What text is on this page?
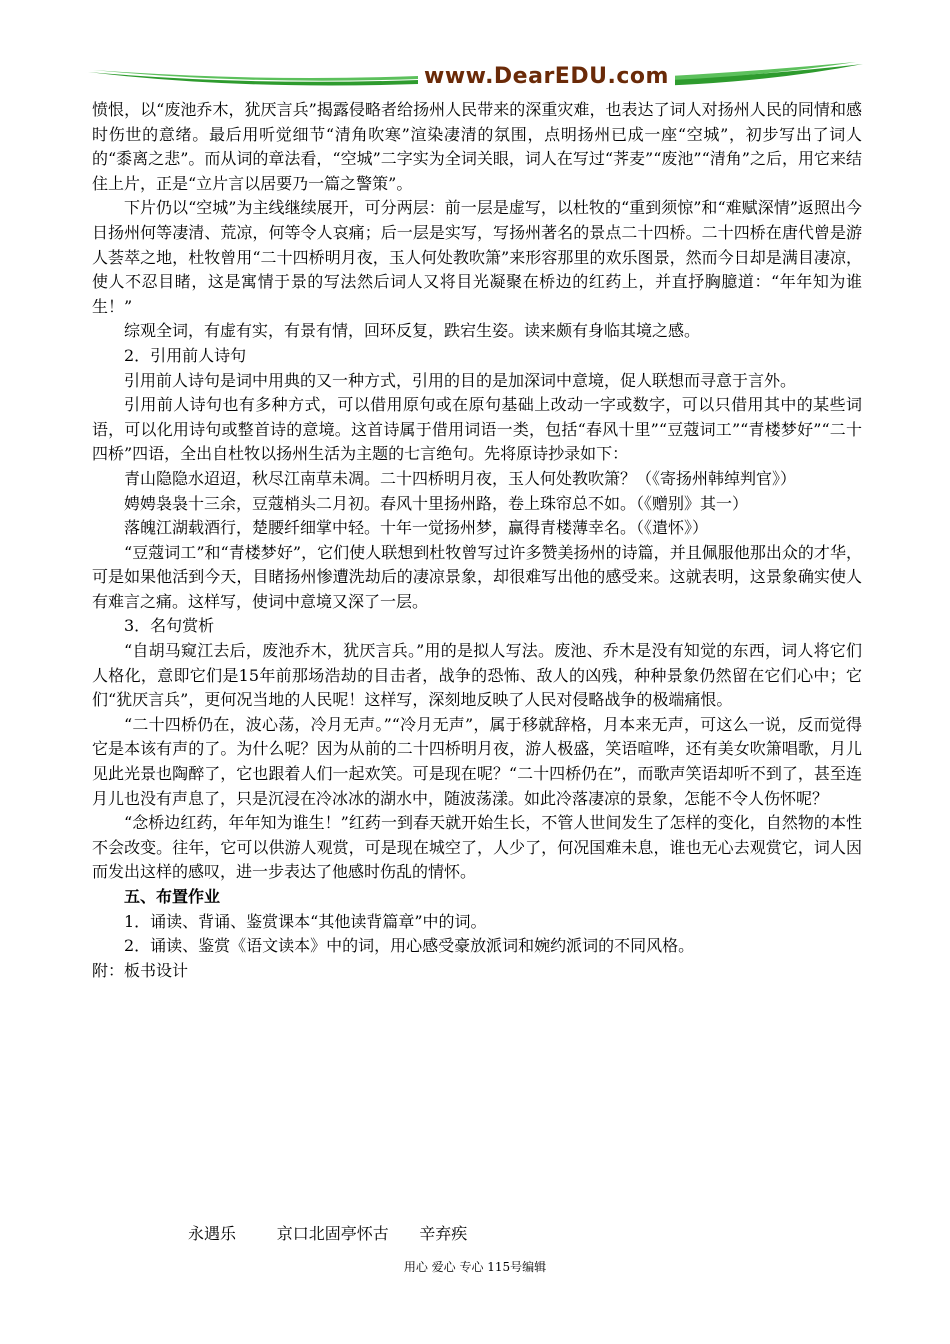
www.DearEDU.com

愤恨，以“废池乔木，犹厌言兵”揭露侵略者给扬州人民带来的深重灾难，也表达了词人对扬州人民的同情和感时伤世的意绪。最后用听觉细节“清角吹寒”渲染凄清的氛围，点明扬州已成一座“空城”，初步写出了词人的“黍离之悲”。而从词的章法看，“空城”二字实为全词关眼，词人在写过“荠麦”“废池”“清角”之后，用它来结住上片，正是“立片言以居要乃一篇之警策”。

下片仍以“空城”为主线继续展开，可分两层：前一层是虚写，以杜牧的“重到须惊”和“难赋深情”返照出今日扬州何等凄清、荒凉，何等令人哀痛；后一层是实写，写扬州著名的景点二十四桥。二十四桥在唐代曾是游人荟萃之地，杜牧曾用“二十四桥明月夜，玉人何处教吹箫”来形容那里的欢乐图景，然而今日却是满目凄凉，使人不忍目睹，这是寓情于景的写法然后词人又将目光凝聚在桥边的红药上，并直抒胸臆道：“年年知为谁生！”

综观全词，有虚有实，有景有情，回环反复，跌宕生姿。读来颇有身临其境之感。

2．引用前人诗句

引用前人诗句是词中用典的又一种方式，引用的目的是加深词中意境，促人联想而寻意于言外。

引用前人诗句也有多种方式，可以借用原句或在原句基础上改动一字或数字，可以只借用其中的某些词语，可以化用诗句或整首诗的意境。这首诗属于借用词语一类，包括“春风十里”“豆蔻词工”“青楼梦好”“二十四桥”四语，全出自杜牧以扬州生活为主题的七言绝句。先将原诗抄录如下：

青山隐隐水迢迢，秋尽江南草未凋。二十四桥明月夜，玉人何处教吹箫？（《寄扬州韩绰判官》）

娉娉袅袅十三余，豆蔻梢头二月初。春风十里扬州路，卷上珠帘总不如。（《赠别》其一）

落魄江湖载酒行，楚腰纤细掌中轻。十年一觉扬州梦，赢得青楼薄幸名。（《遣怀》）

“豆蔻词工”和“青楼梦好”，它们使人联想到杜牧曾写过许多赞美扬州的诗篇，并且佩服他那出众的才华，可是如果他活到今天，目睹扬州惨遭洗劫后的凄凉景象，却很难写出他的感受来。这就表明，这景象确实使人有难言之痛。这样写，使词中意境又深了一层。

3．名句赏析

“自胡马窥江去后，废池乔木，犹厌言兵。”用的是拟人写法。废池、乔木是没有知觉的东西，词人将它们人格化，意即它们是15年前那场浩劫的目击者，战争的恐怖、敌人的凶残，种种景象仍然留在它们心中；它们“犹厌言兵”，更何况当地的人民呢！这样写，深刻地反映了人民对侵略战争的极端痛恨。

“二十四桥仍在，波心荡，冷月无声。”“冷月无声”，属于移就辞格，月本来无声，可这么一说，反而觉得它是本该有声的了。为什么呢？因为从前的二十四桥明月夜，游人极盛，笑语喧哗，还有美女吹箫唱歌，月儿见此光景也陶醉了，它也跟着人们一起欢笑。可是现在呢？“二十四桥仍在”，而歌声笑语却听不到了，甚至连月儿也没有声息了，只是沉浸在冷冰冰的湖水中，随波荡漾。如此冷落凄凉的景象，怎能不令人伤怀呢？

“念桥边红药，年年知为谁生！”红药一到春天就开始生长，不管人世间发生了怎样的变化，自然物的本性不会改变。往年，它可以供游人观赏，可是现在城空了，人少了，何况国难未息，谁也无心去观赏它，词人因而发出这样的感叹，进一步表达了他感时伤乱的情怀。

五、布置作业

1．诵读、背诵、鉴赏课本“其他读背篇章”中的词。

2．诵读、鉴赏《语文读本》中的词，用心感受豪放派词和婉约派词的不同风格。

附：板书设计

永遇乐        京口北固亭怀古      辛弃疾
用心 爱心 专心 115号编辑
